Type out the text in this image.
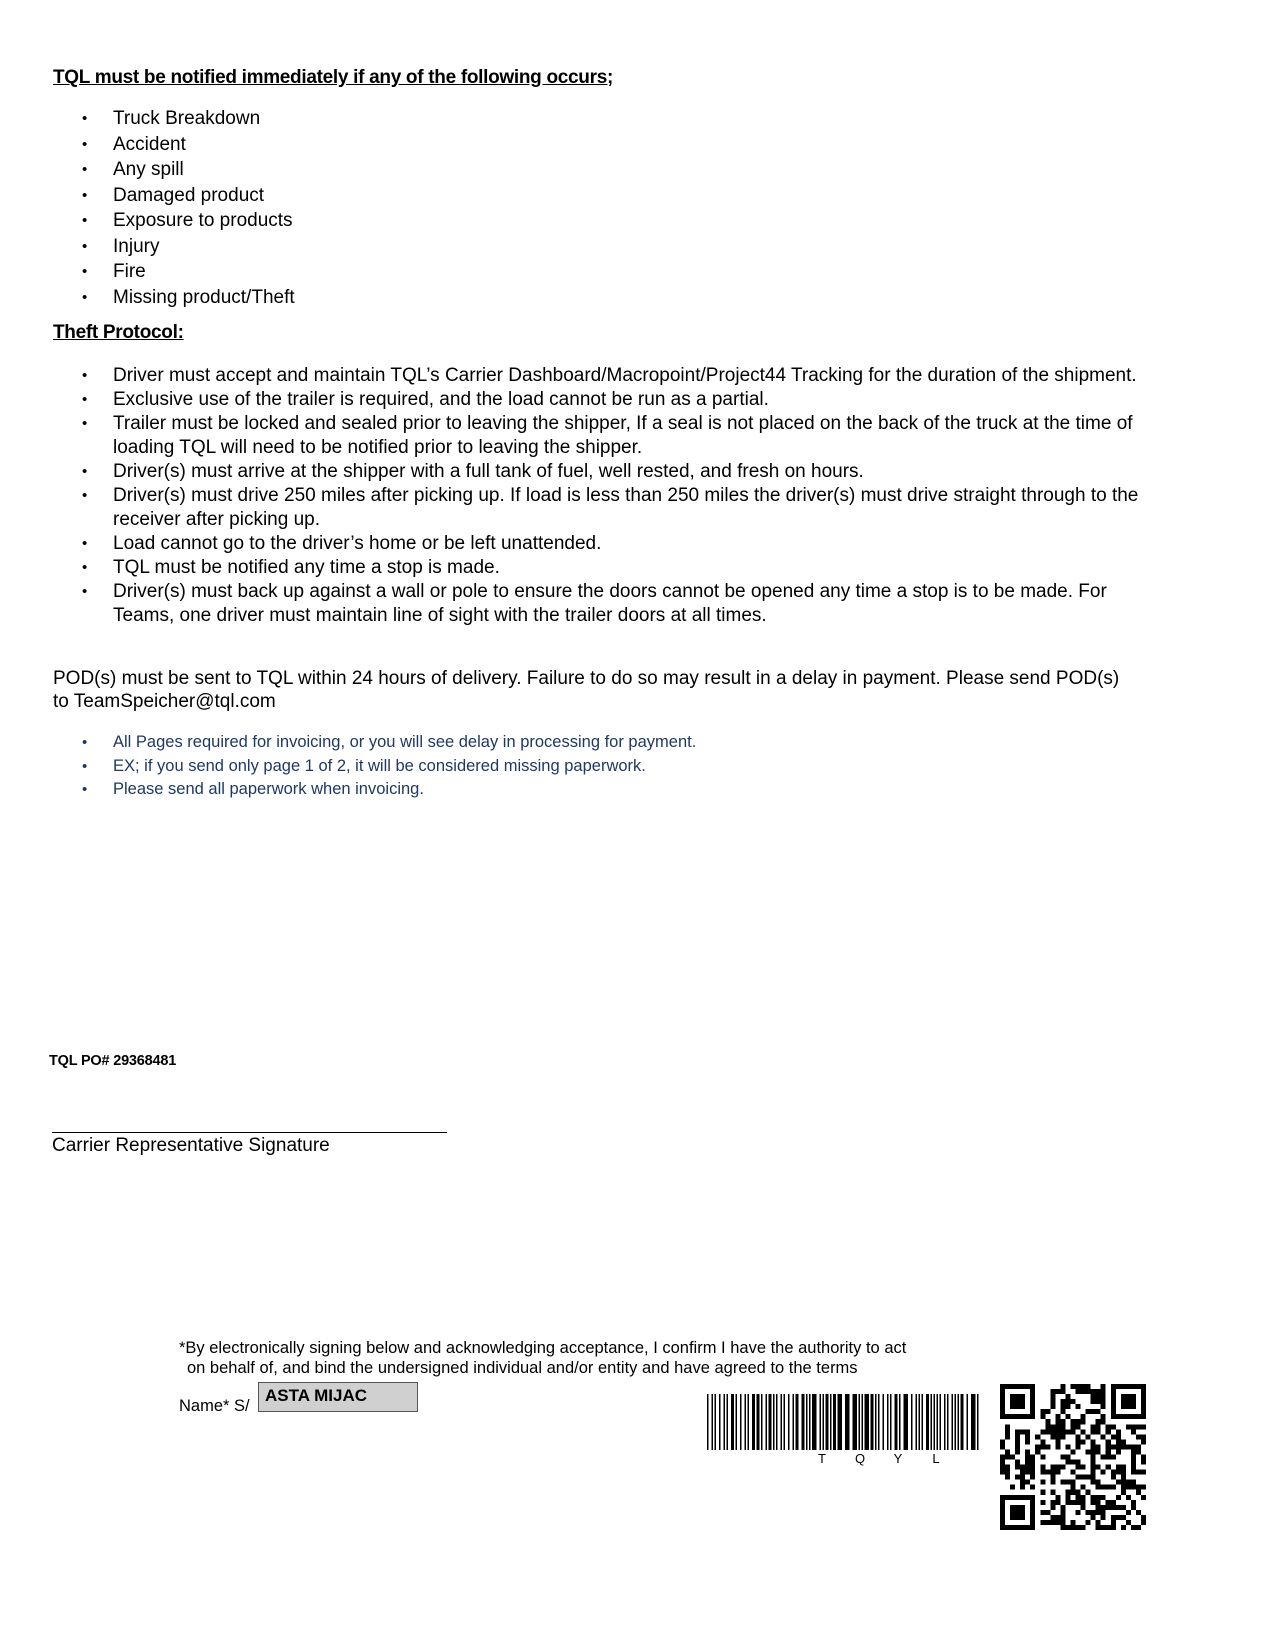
TQL must be notified immediately if any of the following occurs;
• Truck Breakdown
• Accident
• Any spill
• Damaged product
• Exposure to products
• Injury
• Fire
• Missing product/Theft
Theft Protocol:
• Driver must accept and maintain TQL’s Carrier Dashboard/Macropoint/Project44 Tracking for the duration of the shipment.
• Exclusive use of the trailer is required, and the load cannot be run as a partial.
• Trailer must be locked and sealed prior to leaving the shipper, If a seal is not placed on the back of the truck at the time of loading TQL will need to be notified prior to leaving the shipper.
• Driver(s) must arrive at the shipper with a full tank of fuel, well rested, and fresh on hours.
• Driver(s) must drive 250 miles after picking up. If load is less than 250 miles the driver(s) must drive straight through to the receiver after picking up.
• Load cannot go to the driver’s home or be left unattended.
• TQL must be notified any time a stop is made.
• Driver(s) must back up against a wall or pole to ensure the doors cannot be opened any time a stop is to be made. For Teams, one driver must maintain line of sight with the trailer doors at all times.
POD(s) must be sent to TQL within 24 hours of delivery. Failure to do so may result in a delay in payment. Please send POD(s) to TeamSpeicher@tql.com
• All Pages required for invoicing, or you will see delay in processing for payment.
• EX; if you send only page 1 of 2, it will be considered missing paperwork.
• Please send all paperwork when invoicing.
TQL PO# 29368481
Carrier Representative Signature
*By electronically signing below and acknowledging acceptance, I confirm I have the authority to act
on behalf of, and bind the undersigned individual and/or entity and have agreed to the terms
Name* S/
ASTA MIJAC
T Q Y L
